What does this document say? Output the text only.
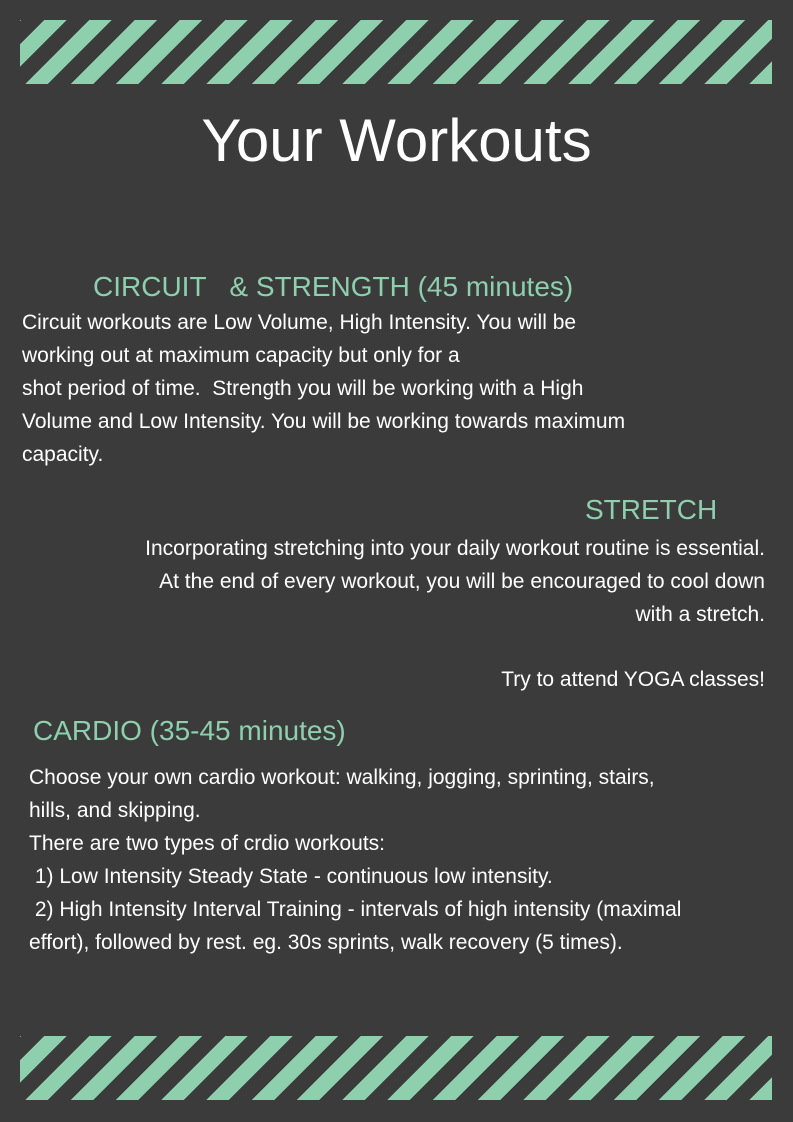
Your Workouts
CIRCUIT   & STRENGTH (45 minutes)

Circuit workouts are Low Volume, High Intensity. You will be
working out at maximum capacity but only for a
shot period of time.  Strength you will be working with a High
Volume and Low Intensity. You will be working towards maximum
capacity.

STRETCH

Incorporating stretching into your daily workout routine is essential.
At the end of every workout, you will be encouraged to cool down
with a stretch.

Try to attend YOGA classes!

CARDIO (35-45 minutes)

Choose your own cardio workout: walking, jogging, sprinting, stairs,
hills, and skipping.
There are two types of crdio workouts:
1) Low Intensity Steady State - continuous low intensity.
2) High Intensity Interval Training - intervals of high intensity (maximal
effort), followed by rest. eg. 30s sprints, walk recovery (5 times).
